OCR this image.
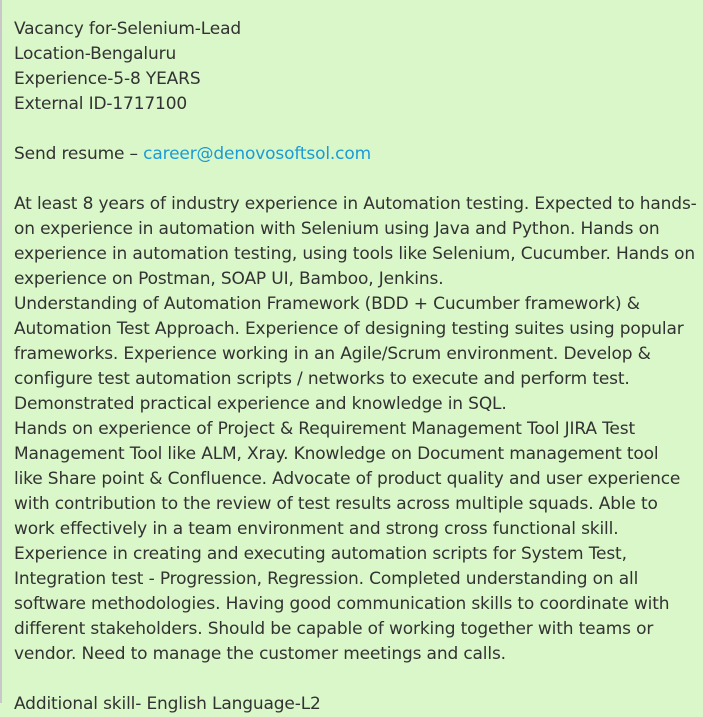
Vacancy for-Selenium-Lead
Location-Bengaluru
Experience-5-8 YEARS
External ID-1717100
Send resume – career@denovosoftsol.com
At least 8 years of industry experience in Automation testing. Expected to hands-
on experience in automation with Selenium using Java and Python. Hands on
experience in automation testing, using tools like Selenium, Cucumber. Hands on
experience on Postman, SOAP UI, Bamboo, Jenkins.
Understanding of Automation Framework (BDD + Cucumber framework) &
Automation Test Approach. Experience of designing testing suites using popular
frameworks. Experience working in an Agile/Scrum environment. Develop &
configure test automation scripts / networks to execute and perform test.
Demonstrated practical experience and knowledge in SQL.
Hands on experience of Project & Requirement Management Tool JIRA Test
Management Tool like ALM, Xray. Knowledge on Document management tool
like Share point & Confluence. Advocate of product quality and user experience
with contribution to the review of test results across multiple squads. Able to
work effectively in a team environment and strong cross functional skill.
Experience in creating and executing automation scripts for System Test,
Integration test - Progression, Regression. Completed understanding on all
software methodologies. Having good communication skills to coordinate with
different stakeholders. Should be capable of working together with teams or
vendor. Need to manage the customer meetings and calls.
Additional skill- English Language-L2
